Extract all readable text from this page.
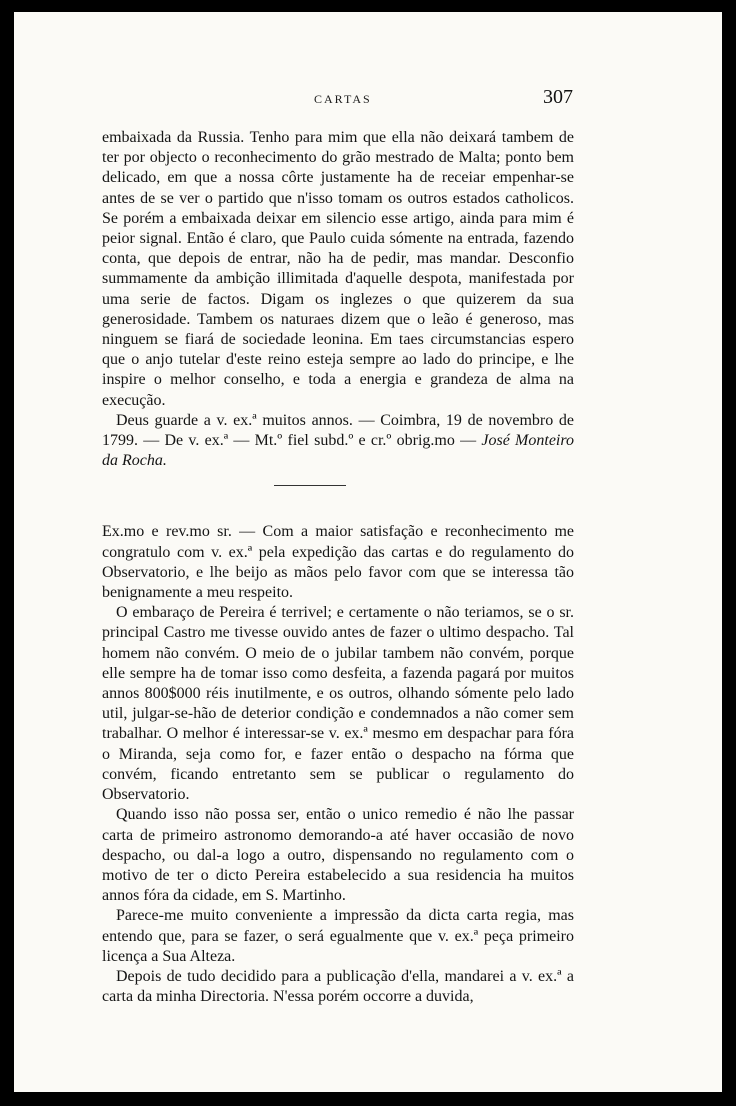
CARTAS	307

embaixada da Russia. Tenho para mim que ella não deixará tambem de ter por objecto o reconhecimento do grão mestrado de Malta; ponto bem delicado, em que a nossa côrte justamente ha de receiar empenhar-se antes de se ver o partido que n'isso tomam os outros estados catholicos. Se porém a embaixada deixar em silencio esse artigo, ainda para mim é peior signal. Então é claro, que Paulo cuida sómente na entrada, fazendo conta, que depois de entrar, não ha de pedir, mas mandar. Desconfio summamente da ambição illimitada d'aquelle despota, manifestada por uma serie de factos. Digam os inglezes o que quizerem da sua generosidade. Tambem os naturaes dizem que o leão é generoso, mas ninguem se fiará de sociedade leonina. Em taes circumstancias espero que o anjo tutelar d'este reino esteja sempre ao lado do principe, e lhe inspire o melhor conselho, e toda a energia e grandeza de alma na execução.

Deus guarde a v. ex.ª muitos annos. — Coimbra, 19 de novembro de 1799. — De v. ex.ª — Mt.º fiel subd.º e cr.º obrig.mo — José Monteiro da Rocha.

Ex.mo e rev.mo sr. — Com a maior satisfação e reconhecimento me congratulo com v. ex.ª pela expedição das cartas e do regulamento do Observatorio, e lhe beijo as mãos pelo favor com que se interessa tão benignamente a meu respeito.

O embaraço de Pereira é terrivel; e certamente o não teriamos, se o sr. principal Castro me tivesse ouvido antes de fazer o ultimo despacho. Tal homem não convém. O meio de o jubilar tambem não convém, porque elle sempre ha de tomar isso como desfeita, a fazenda pagará por muitos annos 800$000 réis inutilmente, e os outros, olhando sómente pelo lado util, julgar-se-hão de deterior condição e condemnados a não comer sem trabalhar. O melhor é interessar-se v. ex.ª mesmo em despachar para fóra o Miranda, seja como for, e fazer então o despacho na fórma que convém, ficando entretanto sem se publicar o regulamento do Observatorio.

Quando isso não possa ser, então o unico remedio é não lhe passar carta de primeiro astronomo demorando-a até haver occasião de novo despacho, ou dal-a logo a outro, dispensando no regulamento com o motivo de ter o dicto Pereira estabelecido a sua residencia ha muitos annos fóra da cidade, em S. Martinho.

Parece-me muito conveniente a impressão da dicta carta regia, mas entendo que, para se fazer, o será egualmente que v. ex.ª peça primeiro licença a Sua Alteza.

Depois de tudo decidido para a publicação d'ella, mandarei a v. ex.ª a carta da minha Directoria. N'essa porém occorre a duvida,
